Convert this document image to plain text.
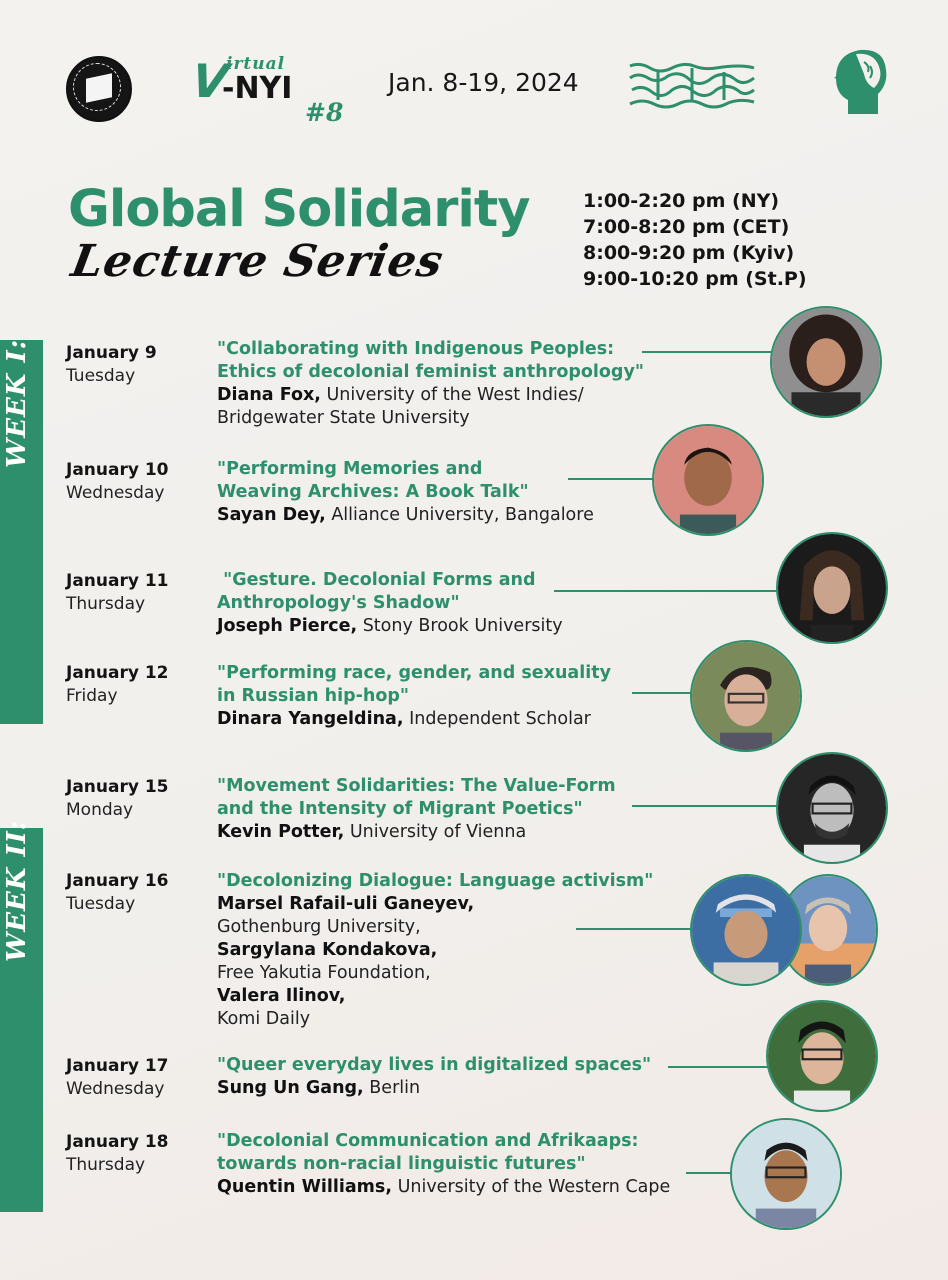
V
irtual
-NYI
#8
Jan. 8-19, 2024
Global Solidarity
Lecture Series
1:00-2:20 pm (NY)
7:00-8:20 pm (CET)
8:00-9:20 pm (Kyiv)
9:00-10:20 pm (St.P)
WEEK I:
WEEK II:
January 9
Tuesday
"Collaborating with Indigenous Peoples:
Ethics of decolonial feminist anthropology"
Diana Fox, University of the West Indies/
Bridgewater State University
January 10
Wednesday
"Performing Memories and
Weaving Archives: A Book Talk"
Sayan Dey, Alliance University, Bangalore
January 11
Thursday
"Gesture. Decolonial Forms and
Anthropology's Shadow"
Joseph Pierce, Stony Brook University
January 12
Friday
"Performing race, gender, and sexuality
in Russian hip-hop"
Dinara Yangeldina, Independent Scholar
January 15
Monday
"Movement Solidarities: The Value-Form
and the Intensity of Migrant Poetics"
Kevin Potter, University of Vienna
January 16
Tuesday
"Decolonizing Dialogue: Language activism"
Marsel Rafail-uli Ganeyev,
Gothenburg University,
Sargylana Kondakova,
Free Yakutia Foundation,
Valera Ilinov,
Komi Daily
January 17
Wednesday
"Queer everyday lives in digitalized spaces"
Sung Un Gang, Berlin
January 18
Thursday
"Decolonial Communication and Afrikaaps:
towards non-racial linguistic futures"
Quentin Williams, University of the Western Cape
